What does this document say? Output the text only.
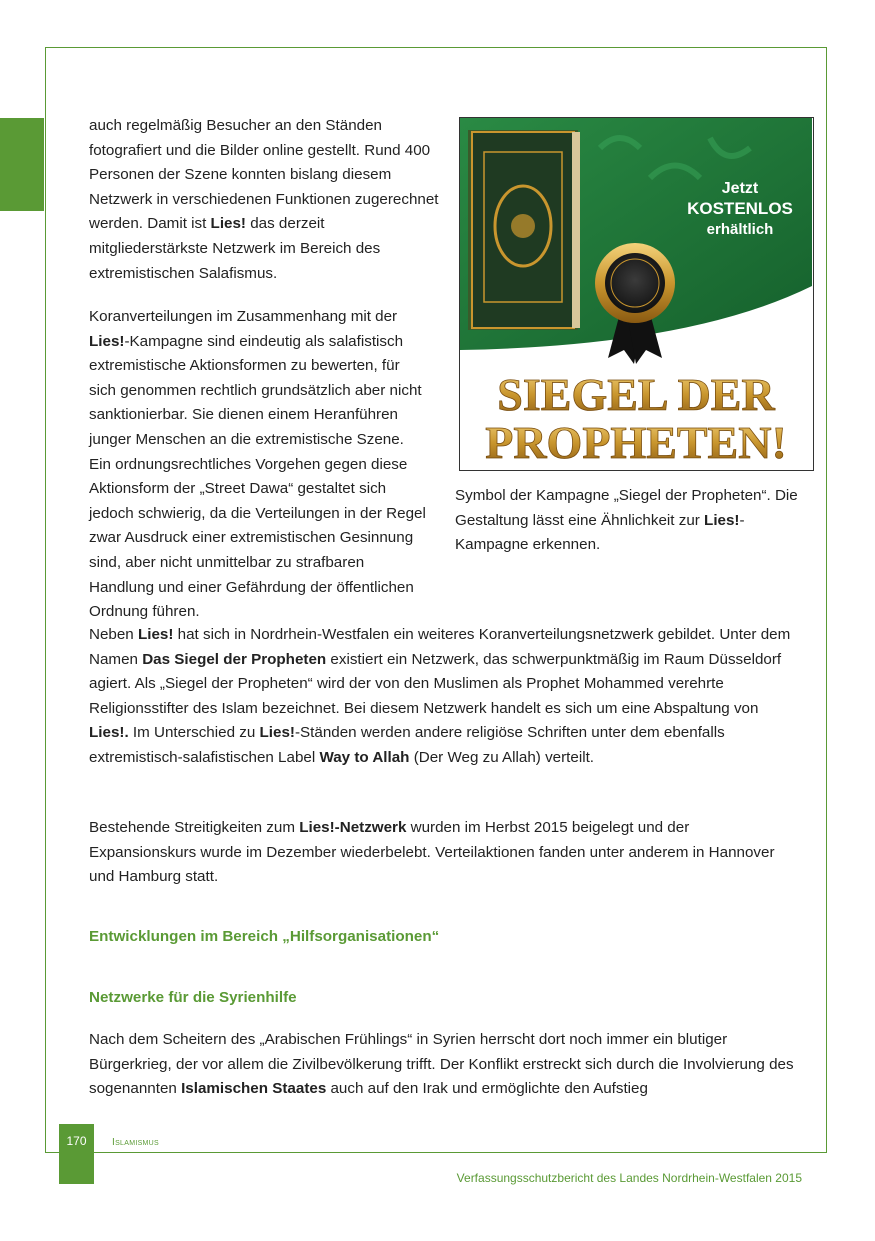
auch regelmäßig Besucher an den Ständen fotografiert und die Bilder online gestellt. Rund 400 Personen der Szene konnten bislang diesem Netzwerk in verschiedenen Funktionen zugerechnet werden. Damit ist Lies! das derzeit mitgliederstärkste Netzwerk im Bereich des extremistischen Salafismus.

Koranverteilungen im Zusammenhang mit der Lies!-Kampagne sind eindeutig als salafistisch extremistische Aktionsformen zu bewerten, für sich genommen rechtlich grundsätzlich aber nicht sanktionierbar. Sie dienen einem Heranführen junger Menschen an die extremistische Szene. Ein ordnungsrechtliches Vorgehen gegen diese Aktionsform der „Street Dawa“ gestaltet sich jedoch schwierig, da die Verteilungen in der Regel zwar Ausdruck einer extremistischen Gesinnung sind, aber nicht unmittelbar zu strafbaren Handlung und einer Gefährdung der öffentlichen Ordnung führen.

Jetzt
KOSTENLOS
erhältlich
SIEGEL DER
PROPHETEN!

Symbol der Kampagne „Siegel der Propheten“. Die Gestaltung lässt eine Ähnlichkeit zur Lies!-Kampagne erkennen.

Neben Lies! hat sich in Nordrhein-Westfalen ein weiteres Koranverteilungsnetzwerk gebildet. Unter dem Namen Das Siegel der Propheten existiert ein Netzwerk, das schwerpunktmäßig im Raum Düsseldorf agiert. Als „Siegel der Propheten“ wird der von den Muslimen als Prophet Mohammed verehrte Religionsstifter des Islam bezeichnet. Bei diesem Netzwerk handelt es sich um eine Abspaltung von Lies!. Im Unterschied zu Lies!-Ständen werden andere religiöse Schriften unter dem ebenfalls extremistisch-salafistischen Label Way to Allah (Der Weg zu Allah) verteilt.

Bestehende Streitigkeiten zum Lies!-Netzwerk wurden im Herbst 2015 beigelegt und der Expansionskurs wurde im Dezember wiederbelebt. Verteilaktionen fanden unter anderem in Hannover und Hamburg statt.

Entwicklungen im Bereich „Hilfsorganisationen“
Netzwerke für die Syrienhilfe

Nach dem Scheitern des „Arabischen Frühlings“ in Syrien herrscht dort noch immer ein blutiger Bürgerkrieg, der vor allem die Zivilbevölkerung trifft. Der Konflikt erstreckt sich durch die Involvierung des sogenannten Islamischen Staates auch auf den Irak und ermöglichte den Aufstieg

170	Islamismus
Verfassungsschutzbericht des Landes Nordrhein-Westfalen 2015
